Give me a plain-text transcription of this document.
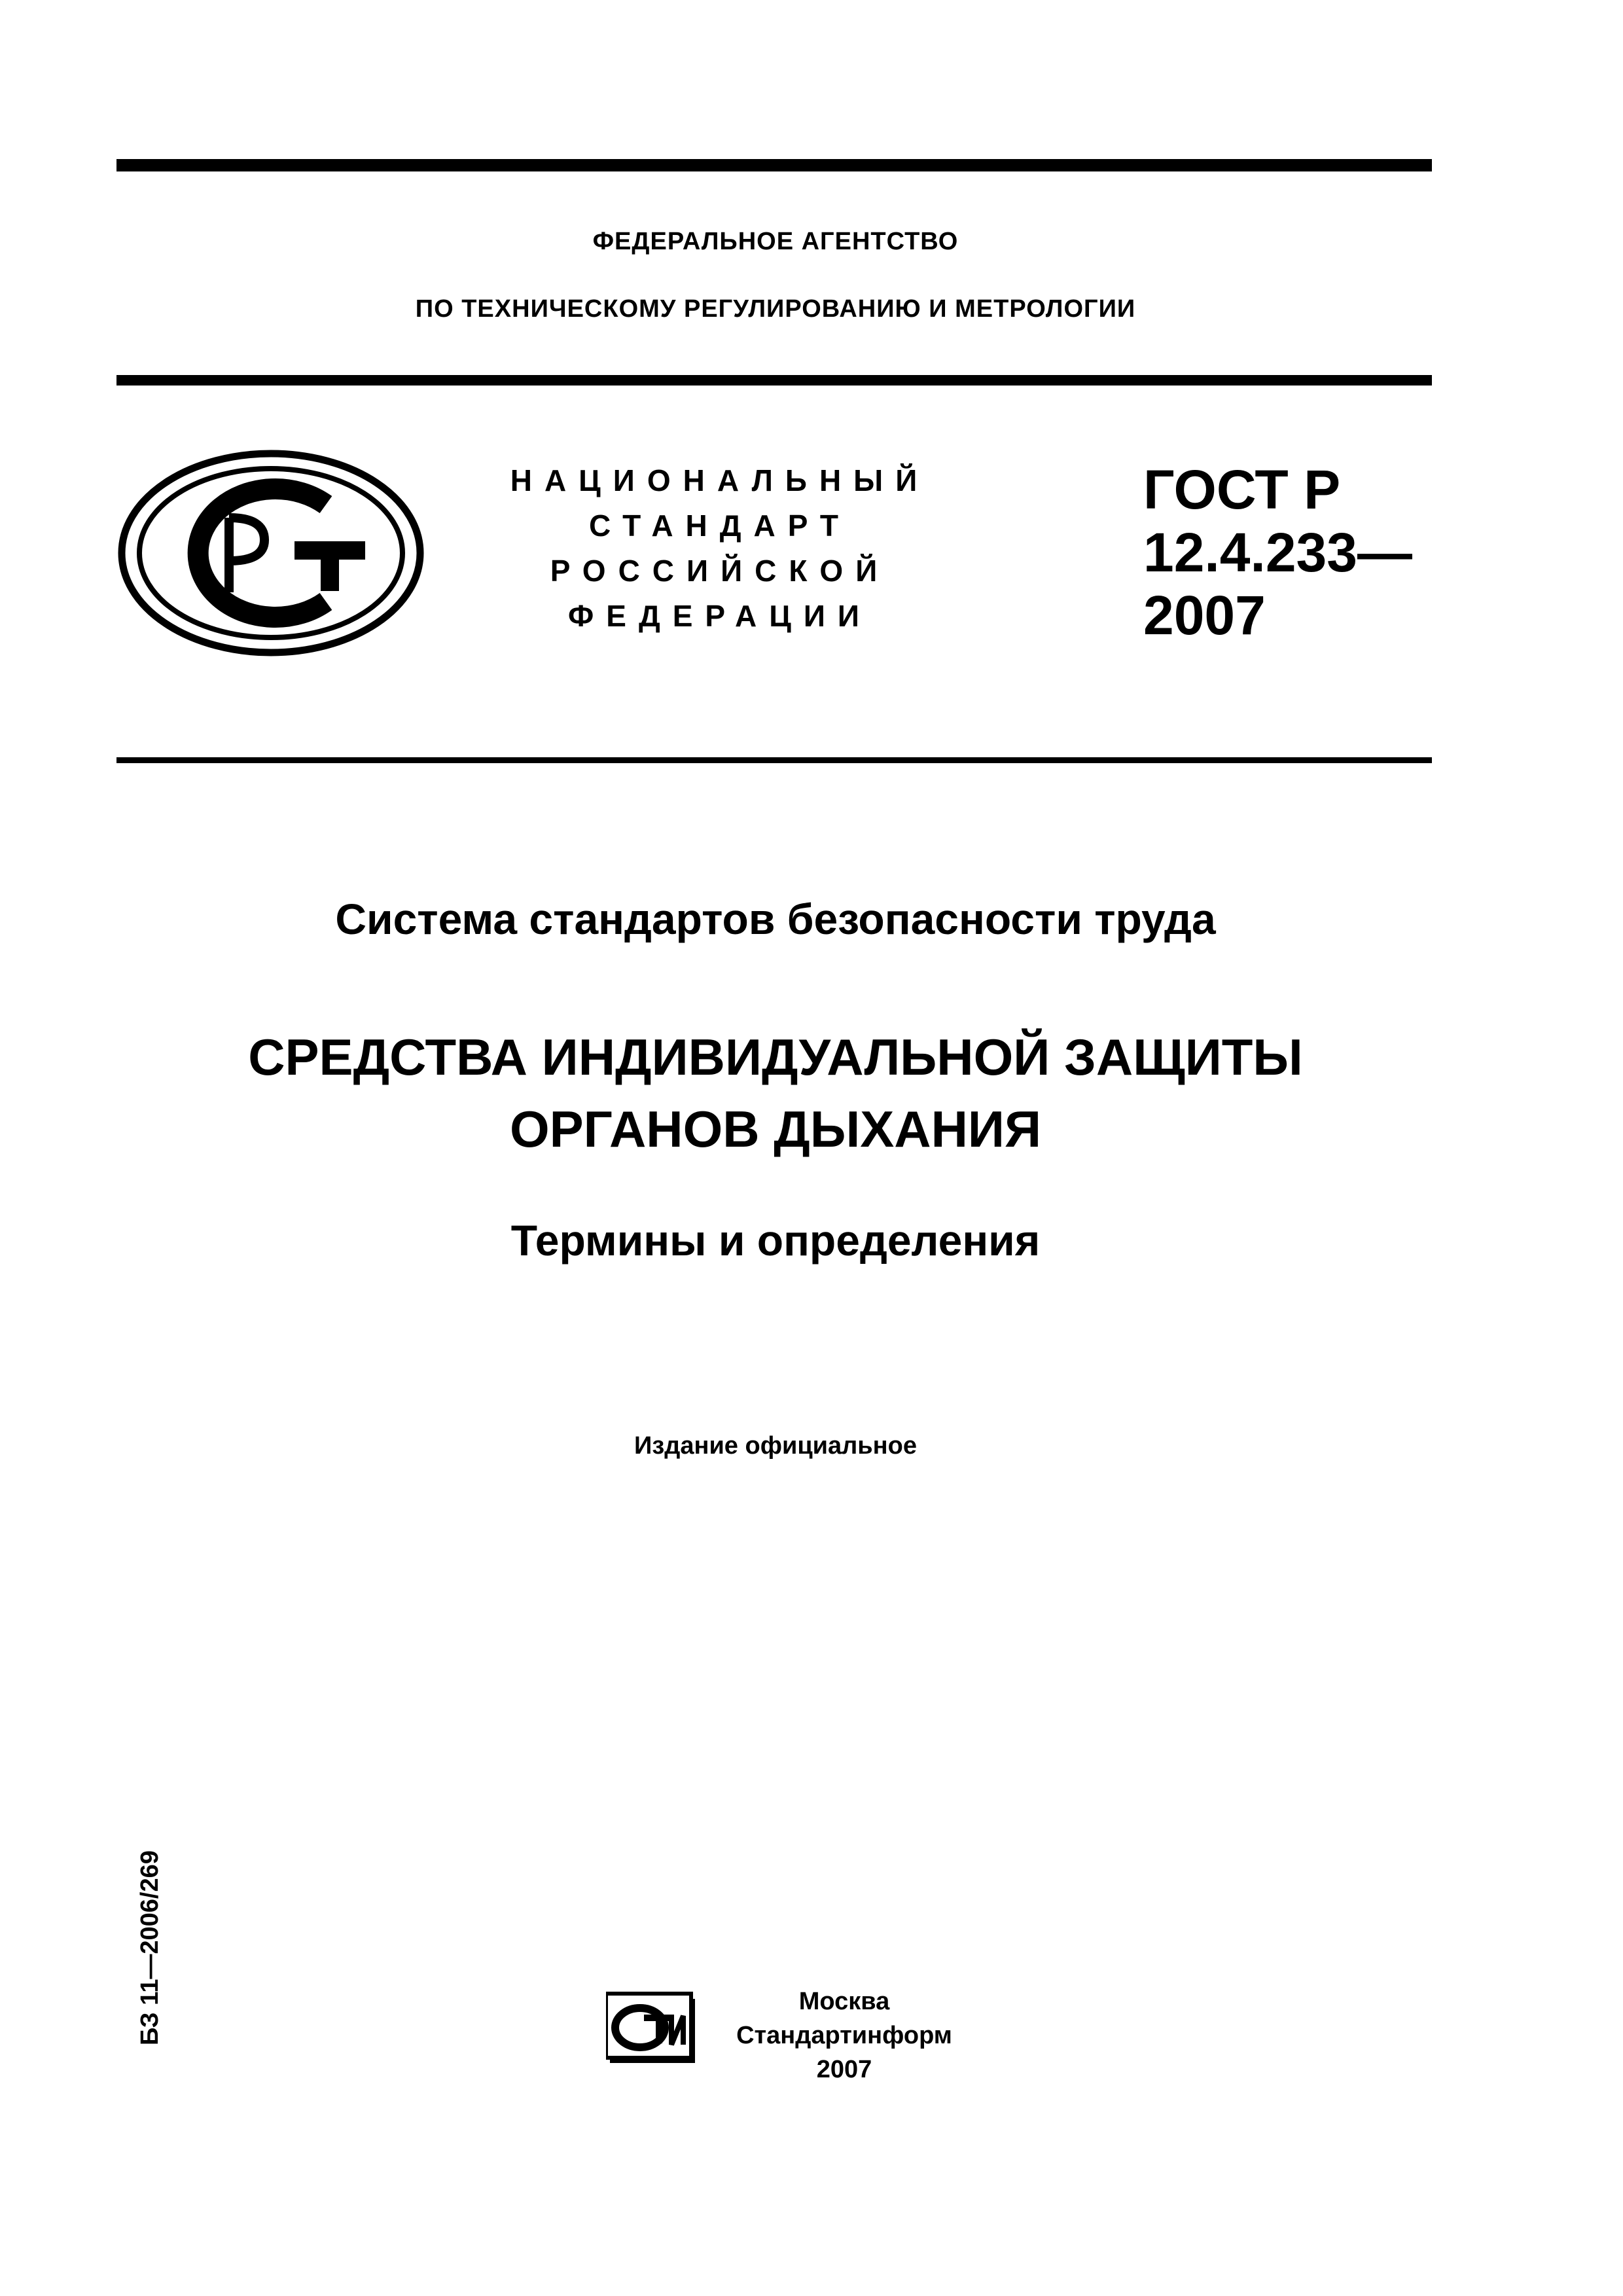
ФЕДЕРАЛЬНОЕ АГЕНТСТВО
ПО ТЕХНИЧЕСКОМУ РЕГУЛИРОВАНИЮ И МЕТРОЛОГИИ
НАЦИОНАЛЬНЫЙ
СТАНДАРТ
РОССИЙСКОЙ
ФЕДЕРАЦИИ
ГОСТ Р
12.4.233—
2007
Система стандартов безопасности труда
СРЕДСТВА ИНДИВИДУАЛЬНОЙ ЗАЩИТЫ
ОРГАНОВ ДЫХАНИЯ
Термины и определения
Издание официальное
БЗ 11—2006/269	Москва
Стандартинформ
2007
